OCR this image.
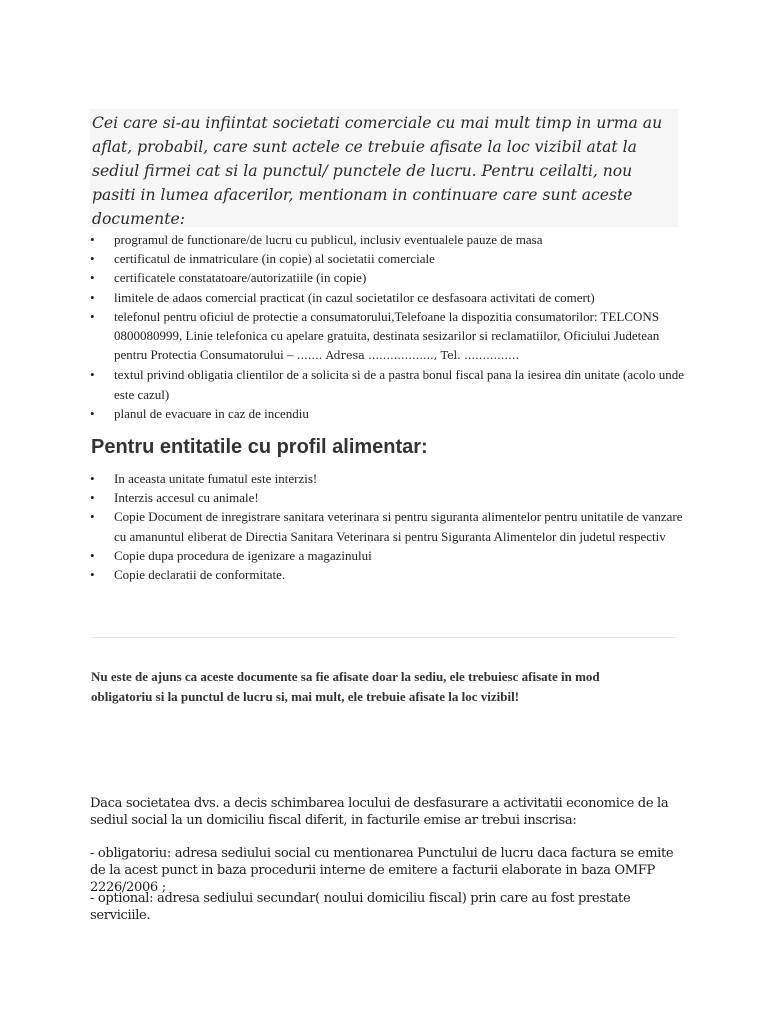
Cei care si-au infiintat societati comerciale cu mai mult timp in urma au aflat, probabil, care sunt actele ce trebuie afisate la loc vizibil atat la sediul firmei cat si la punctul/ punctele de lucru. Pentru ceilalti, nou pasiti in lumea afacerilor, mentionam in continuare care sunt aceste documente:

• programul de functionare/de lucru cu publicul, inclusiv eventualele pauze de masa
• certificatul de inmatriculare (in copie) al societatii comerciale
• certificatele constatatoare/autorizatiile (in copie)
• limitele de adaos comercial practicat (in cazul societatilor ce desfasoara activitati de comert)
• telefonul pentru oficiul de protectie a consumatorului,Telefoane la dispozitia consumatorilor: TELCONS 0800080999, Linie telefonica cu apelare gratuita, destinata sesizarilor si reclamatiilor, Oficiului Judetean pentru Protectia Consumatorului – ……. Adresa …….……….., Tel. ……………
• textul privind obligatia clientilor de a solicita si de a pastra bonul fiscal pana la iesirea din unitate (acolo unde este cazul)
• planul de evacuare in caz de incendiu
Pentru entitatile cu profil alimentar:
• In aceasta unitate fumatul este interzis!
• Interzis accesul cu animale!
• Copie Document de inregistrare sanitara veterinara si pentru siguranta alimentelor pentru unitatile de vanzare cu amanuntul eliberat de Directia Sanitara Veterinara si pentru Siguranta Alimentelor din judetul respectiv
• Copie dupa procedura de igenizare a magazinului
• Copie declaratii de conformitate.

Nu este de ajuns ca aceste documente sa fie afisate doar la sediu, ele trebuiesc afisate in mod obligatoriu si la punctul de lucru si, mai mult, ele trebuie afisate la loc vizibil!

Daca societatea dvs. a decis schimbarea locului de desfasurare a activitatii economice de la sediul social la un domiciliu fiscal diferit, in facturile emise ar trebui inscrisa:

- obligatoriu: adresa sediului social cu mentionarea Punctului de lucru daca factura se emite de la acest punct in baza procedurii interne de emitere a facturii elaborate in baza OMFP 2226/2006 ;

- optional: adresa sediului secundar( noului domiciliu fiscal) prin care au fost prestate serviciile.
